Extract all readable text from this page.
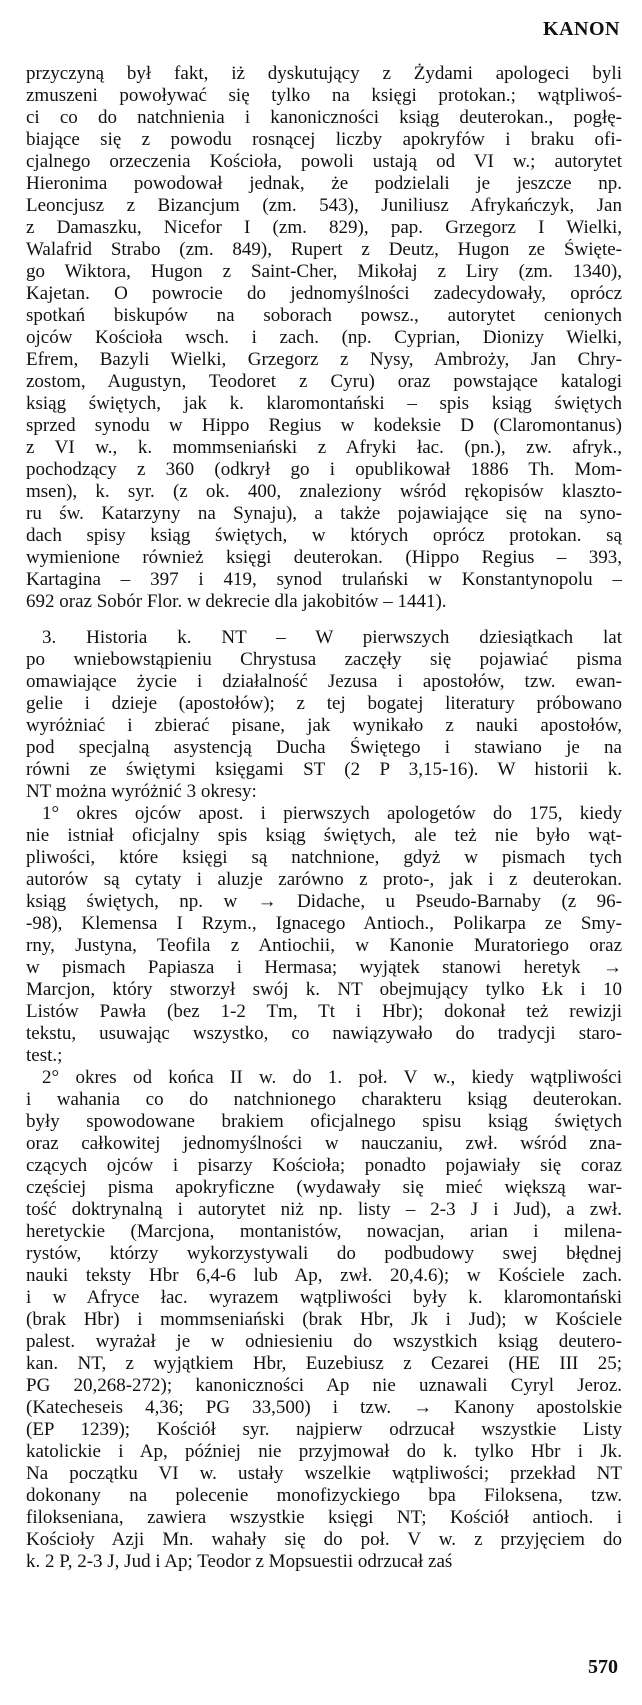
KANON
przyczyną był fakt, iż dyskutujący z Żydami apologeci byli
zmuszeni powoływać się tylko na księgi protokan.; wątpliwoś-
ci co do natchnienia i kanoniczności ksiąg deuterokan., pogłę-
biające się z powodu rosnącej liczby apokryfów i braku ofi-
cjalnego orzeczenia Kościoła, powoli ustają od VI w.; autorytet
Hieronima powodował jednak, że podzielali je jeszcze np.
Leoncjusz z Bizancjum (zm. 543), Juniliusz Afrykańczyk, Jan
z Damaszku, Nicefor I (zm. 829), pap. Grzegorz I Wielki,
Walafrid Strabo (zm. 849), Rupert z Deutz, Hugon ze Święte-
go Wiktora, Hugon z Saint-Cher, Mikołaj z Liry (zm. 1340),
Kajetan. O powrocie do jednomyślności zadecydowały, oprócz
spotkań biskupów na soborach powsz., autorytet cenionych
ojców Kościoła wsch. i zach. (np. Cyprian, Dionizy Wielki,
Efrem, Bazyli Wielki, Grzegorz z Nysy, Ambroży, Jan Chry-
zostom, Augustyn, Teodoret z Cyru) oraz powstające katalogi
ksiąg świętych, jak k. klaromontański – spis ksiąg świętych
sprzed synodu w Hippo Regius w kodeksie D (Claromontanus)
z VI w., k. mommseniański z Afryki łac. (pn.), zw. afryk.,
pochodzący z 360 (odkrył go i opublikował 1886 Th. Mom-
msen), k. syr. (z ok. 400, znaleziony wśród rękopisów klaszto-
ru św. Katarzyny na Synaju), a także pojawiające się na syno-
dach spisy ksiąg świętych, w których oprócz protokan. są
wymienione również księgi deuterokan. (Hippo Regius – 393,
Kartagina – 397 i 419, synod trulański w Konstantynopolu –
692 oraz Sobór Flor. w dekrecie dla jakobitów – 1441).
3. Historia k. NT – W pierwszych dziesiątkach lat
po wniebowstąpieniu Chrystusa zaczęły się pojawiać pisma
omawiające życie i działalność Jezusa i apostołów, tzw. ewan-
gelie i dzieje (apostołów); z tej bogatej literatury próbowano
wyróżniać i zbierać pisane, jak wynikało z nauki apostołów,
pod specjalną asystencją Ducha Świętego i stawiano je na
równi ze świętymi księgami ST (2 P 3,15-16). W historii k.
NT można wyróżnić 3 okresy:
1° okres ojców apost. i pierwszych apologetów do 175, kiedy
nie istniał oficjalny spis ksiąg świętych, ale też nie było wąt-
pliwości, które księgi są natchnione, gdyż w pismach tych
autorów są cytaty i aluzje zarówno z proto-, jak i z deuterokan.
ksiąg świętych, np. w → Didache, u Pseudo-Barnaby (z 96-
-98), Klemensa I Rzym., Ignacego Antioch., Polikarpa ze Smy-
rny, Justyna, Teofila z Antiochii, w Kanonie Muratoriego oraz
w pismach Papiasza i Hermasa; wyjątek stanowi heretyk →
Marcjon, który stworzył swój k. NT obejmujący tylko Łk i 10
Listów Pawła (bez 1-2 Tm, Tt i Hbr); dokonał też rewizji
tekstu, usuwając wszystko, co nawiązywało do tradycji staro-
test.;
2° okres od końca II w. do 1. poł. V w., kiedy wątpliwości
i wahania co do natchnionego charakteru ksiąg deuterokan.
były spowodowane brakiem oficjalnego spisu ksiąg świętych
oraz całkowitej jednomyślności w nauczaniu, zwł. wśród zna-
czących ojców i pisarzy Kościoła; ponadto pojawiały się coraz
częściej pisma apokryficzne (wydawały się mieć większą war-
tość doktrynalną i autorytet niż np. listy – 2-3 J i Jud), a zwł.
heretyckie (Marcjona, montanistów, nowacjan, arian i milena-
rystów, którzy wykorzystywali do podbudowy swej błędnej
nauki teksty Hbr 6,4-6 lub Ap, zwł. 20,4.6); w Kościele zach.
i w Afryce łac. wyrazem wątpliwości były k. klaromontański
(brak Hbr) i mommseniański (brak Hbr, Jk i Jud); w Kościele
palest. wyrażał je w odniesieniu do wszystkich ksiąg deutero-
kan. NT, z wyjątkiem Hbr, Euzebiusz z Cezarei (HE III 25;
PG 20,268-272); kanoniczności Ap nie uznawali Cyryl Jeroz.
(Katecheseis 4,36; PG 33,500) i tzw. → Kanony apostolskie
(EP 1239); Kościół syr. najpierw odrzucał wszystkie Listy
katolickie i Ap, później nie przyjmował do k. tylko Hbr i Jk.
Na początku VI w. ustały wszelkie wątpliwości; przekład NT
dokonany na polecenie monofizyckiego bpa Filoksena, tzw.
filokseniana, zawiera wszystkie księgi NT; Kościół antioch. i
Kościoły Azji Mn. wahały się do poł. V w. z przyjęciem do
k. 2 P, 2-3 J, Jud i Ap; Teodor z Mopsuestii odrzucał zaś
570
